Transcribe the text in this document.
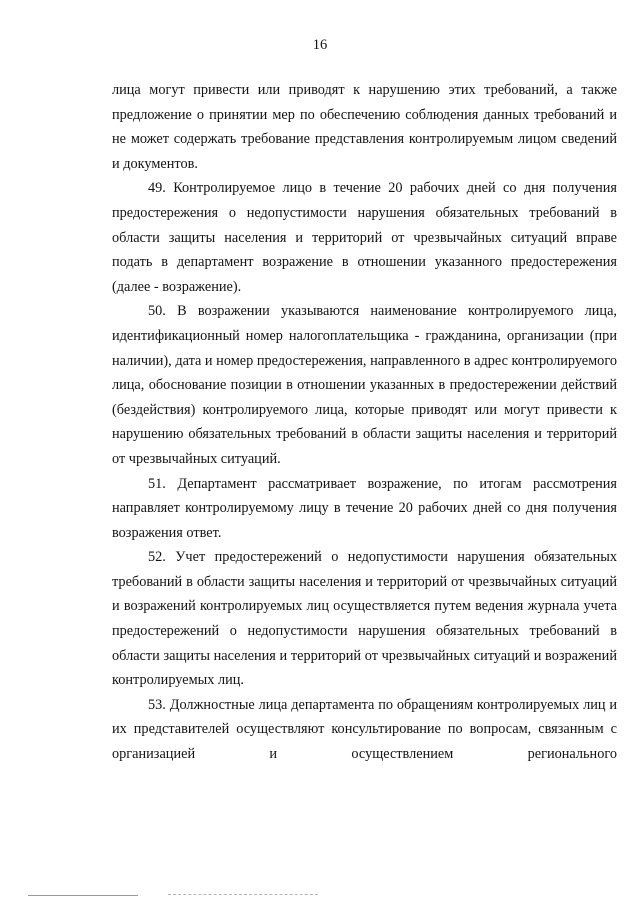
16

лица могут привести или приводят к нарушению этих требований, а также предложение о принятии мер по обеспечению соблюдения данных требований и не может содержать требование представления контролируемым лицом сведений и документов.

49. Контролируемое лицо в течение 20 рабочих дней со дня получения предостережения о недопустимости нарушения обязательных требований в области защиты населения и территорий от чрезвычайных ситуаций вправе подать в департамент возражение в отношении указанного предостережения (далее - возражение).

50. В возражении указываются наименование контролируемого лица, идентификационный номер налогоплательщика - гражданина, организации (при наличии), дата и номер предостережения, направленного в адрес контролируемого лица, обоснование позиции в отношении указанных в предостережении действий (бездействия) контролируемого лица, которые приводят или могут привести к нарушению обязательных требований в области защиты населения и территорий от чрезвычайных ситуаций.

51. Департамент рассматривает возражение, по итогам рассмотрения направляет контролируемому лицу в течение 20 рабочих дней со дня получения возражения ответ.

52. Учет предостережений о недопустимости нарушения обязательных требований в области защиты населения и территорий от чрезвычайных ситуаций и возражений контролируемых лиц осуществляется путем ведения журнала учета предостережений о недопустимости нарушения обязательных требований в области защиты населения и территорий от чрезвычайных ситуаций и возражений контролируемых лиц.

53. Должностные лица департамента по обращениям контролируемых лиц и их представителей осуществляют консультирование по вопросам, связанным с организацией и осуществлением регионального
